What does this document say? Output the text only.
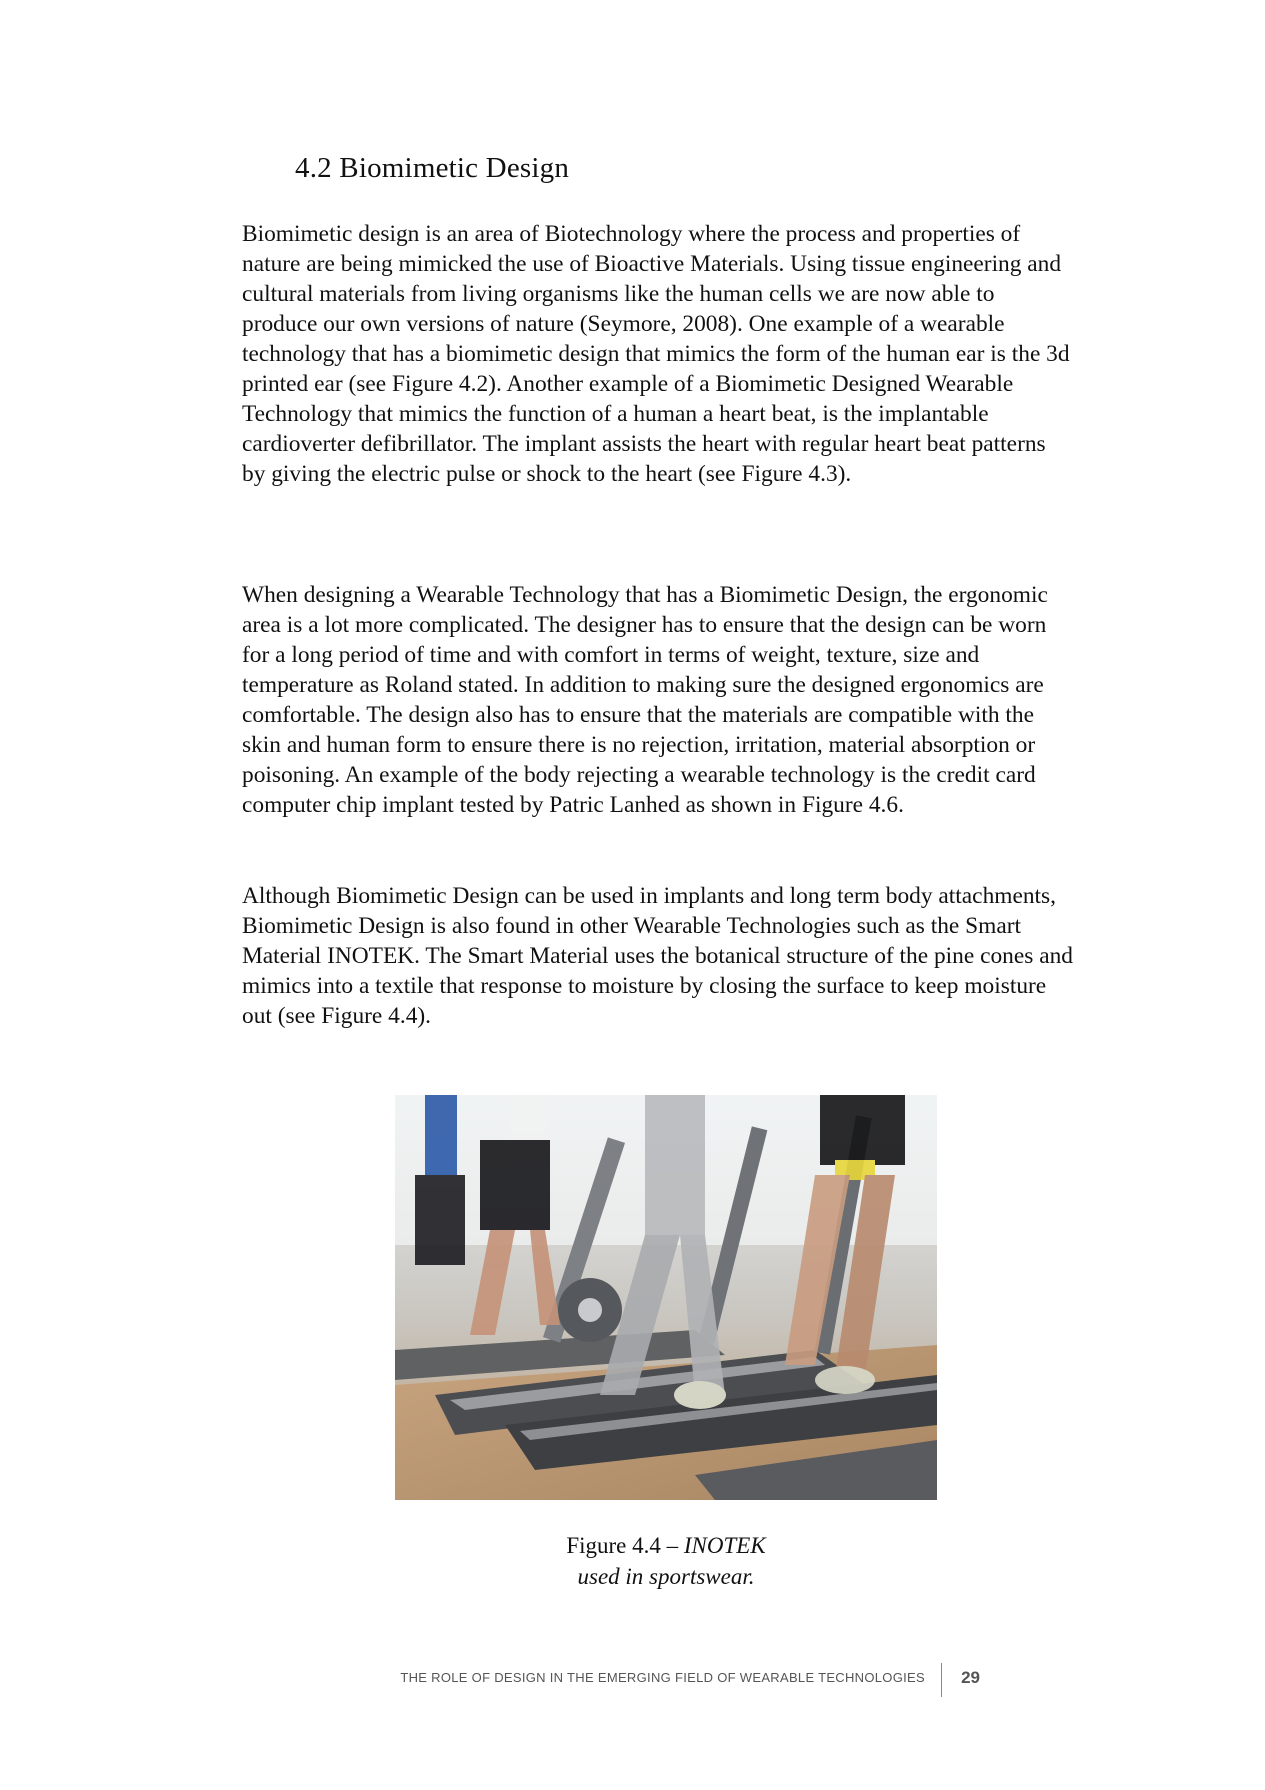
4.2 Biomimetic Design

Biomimetic design is an area of Biotechnology where the process and properties of nature are being mimicked the use of Bioactive Materials. Using tissue engineering and cultural materials from living organisms like the human cells we are now able to produce our own versions of nature (Seymore, 2008). One example of a wearable technology that has a biomimetic design that mimics the form of the human ear is the 3d printed ear (see Figure 4.2). Another example of a Biomimetic Designed Wearable Technology that mimics the function of a human a heart beat, is the implantable cardioverter defibrillator. The implant assists the heart with regular heart beat patterns by giving the electric pulse or shock to the heart (see Figure 4.3).

When designing a Wearable Technology that has a Biomimetic Design, the ergonomic area is a lot more complicated. The designer has to ensure that the design can be worn for a long period of time and with comfort in terms of weight, texture, size and temperature as Roland stated. In addition to making sure the designed ergonomics are comfortable. The design also has to ensure that the materials are compatible with the skin and human form to ensure there is no rejection, irritation, material absorption or poisoning. An example of the body rejecting a wearable technology is the credit card computer chip implant tested by Patric Lanhed as shown in Figure 4.6.

Although Biomimetic Design can be used in implants and long term body attachments, Biomimetic Design is also found in other Wearable Technologies such as the Smart Material INOTEK. The Smart Material uses the botanical structure of the pine cones and mimics into a textile that response to moisture by closing the surface to keep moisture out (see Figure 4.4).

Figure 4.4 – INOTEK
used in sportswear.
THE ROLE OF DESIGN IN THE EMERGING FIELD OF WEARABLE TECHNOLOGIES 29
